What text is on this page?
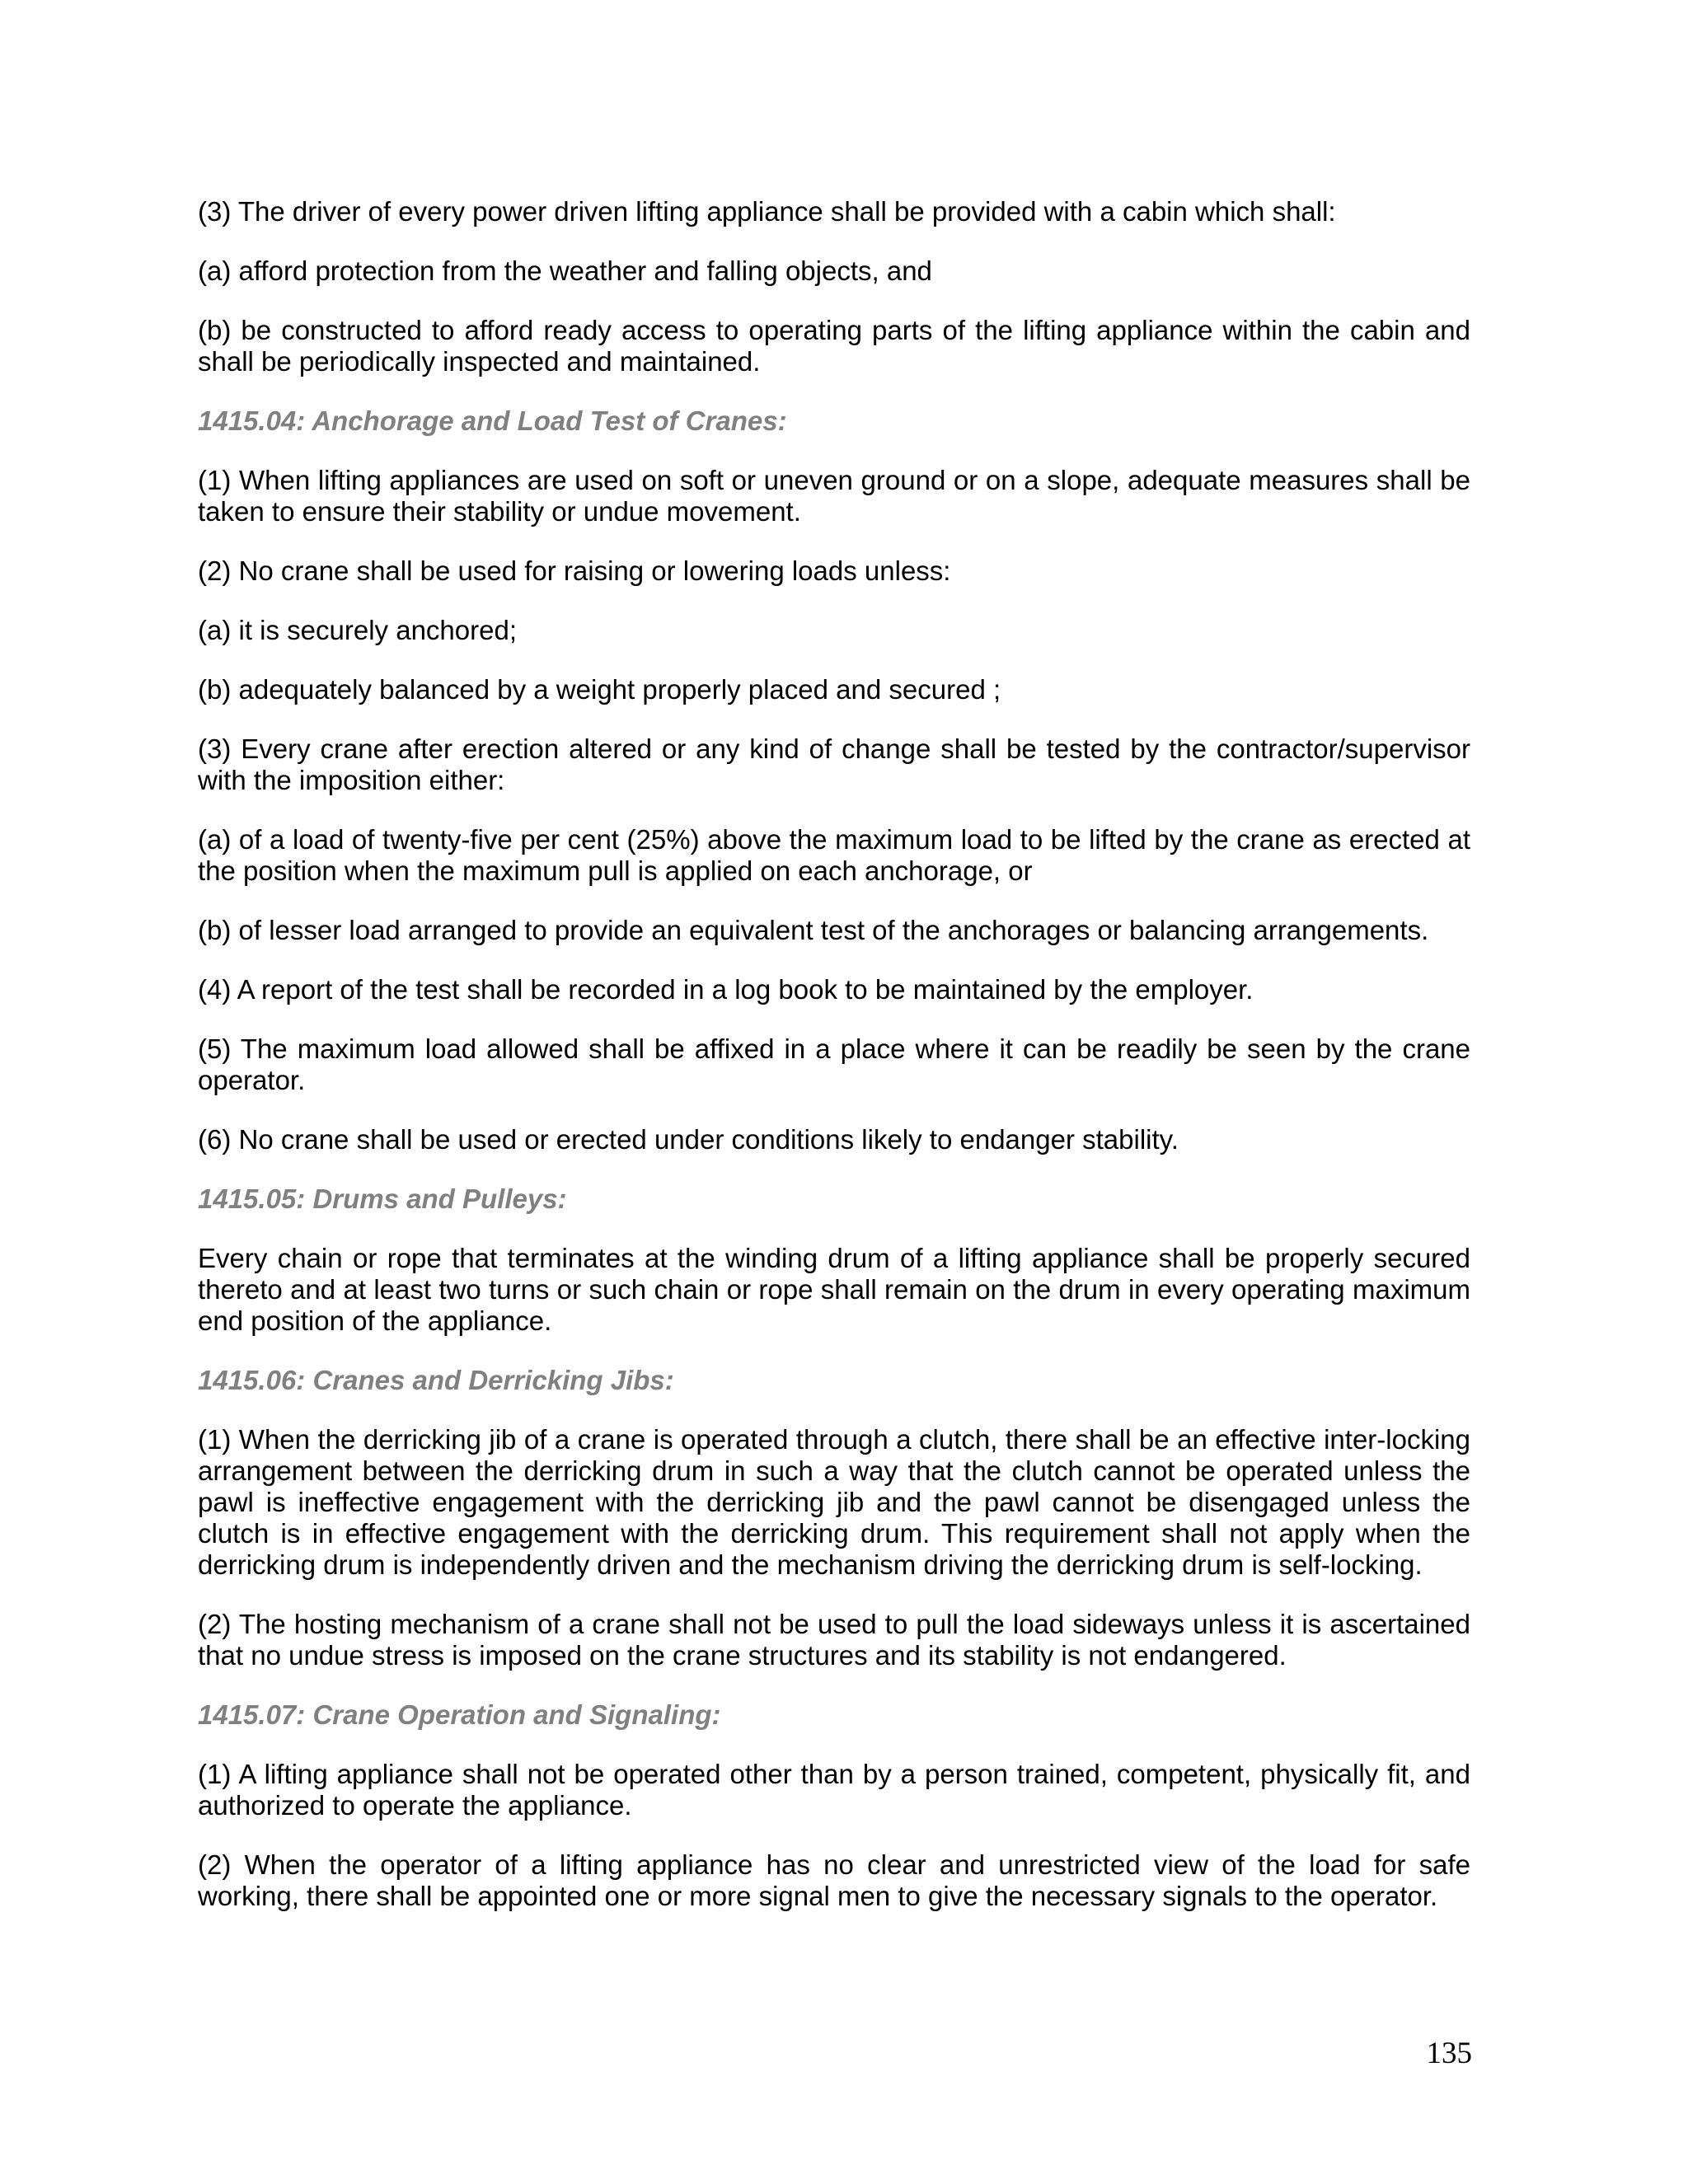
(3) The driver of every power driven lifting appliance shall be provided with a cabin which shall:

(a) afford protection from the weather and falling objects, and

(b) be constructed to afford ready access to operating parts of the lifting appliance within the cabin and shall be periodically inspected and maintained.

1415.04: Anchorage and Load Test of Cranes:

(1) When lifting appliances are used on soft or uneven ground or on a slope, adequate measures shall be taken to ensure their stability or undue movement.

(2) No crane shall be used for raising or lowering loads unless:

(a) it is securely anchored;

(b) adequately balanced by a weight properly placed and secured ;

(3) Every crane after erection altered or any kind of change shall be tested by the contractor/supervisor with the imposition either:

(a) of a load of twenty-five per cent (25%) above the maximum load to be lifted by the crane as erected at the position when the maximum pull is applied on each anchorage, or

(b) of lesser load arranged to provide an equivalent test of the anchorages or balancing arrangements.

(4) A report of the test shall be recorded in a log book to be maintained by the employer.

(5) The maximum load allowed shall be affixed in a place where it can be readily be seen by the crane operator.

(6) No crane shall be used or erected under conditions likely to endanger stability.

1415.05: Drums and Pulleys:

Every chain or rope that terminates at the winding drum of a lifting appliance shall be properly secured thereto and at least two turns or such chain or rope shall remain on the drum in every operating maximum end position of the appliance.

1415.06: Cranes and Derricking Jibs:

(1) When the derricking jib of a crane is operated through a clutch, there shall be an effective inter-locking arrangement between the derricking drum in such a way that the clutch cannot be operated unless the pawl is ineffective engagement with the derricking jib and the pawl cannot be disengaged unless the clutch is in effective engagement with the derricking drum. This requirement shall not apply when the derricking drum is independently driven and the mechanism driving the derricking drum is self-locking.

(2) The hosting mechanism of a crane shall not be used to pull the load sideways unless it is ascertained that no undue stress is imposed on the crane structures and its stability is not endangered.

1415.07: Crane Operation and Signaling:

(1) A lifting appliance shall not be operated other than by a person trained, competent, physically fit, and authorized to operate the appliance.

(2) When the operator of a lifting appliance has no clear and unrestricted view of the load for safe working, there shall be appointed one or more signal men to give the necessary signals to the operator.

135
